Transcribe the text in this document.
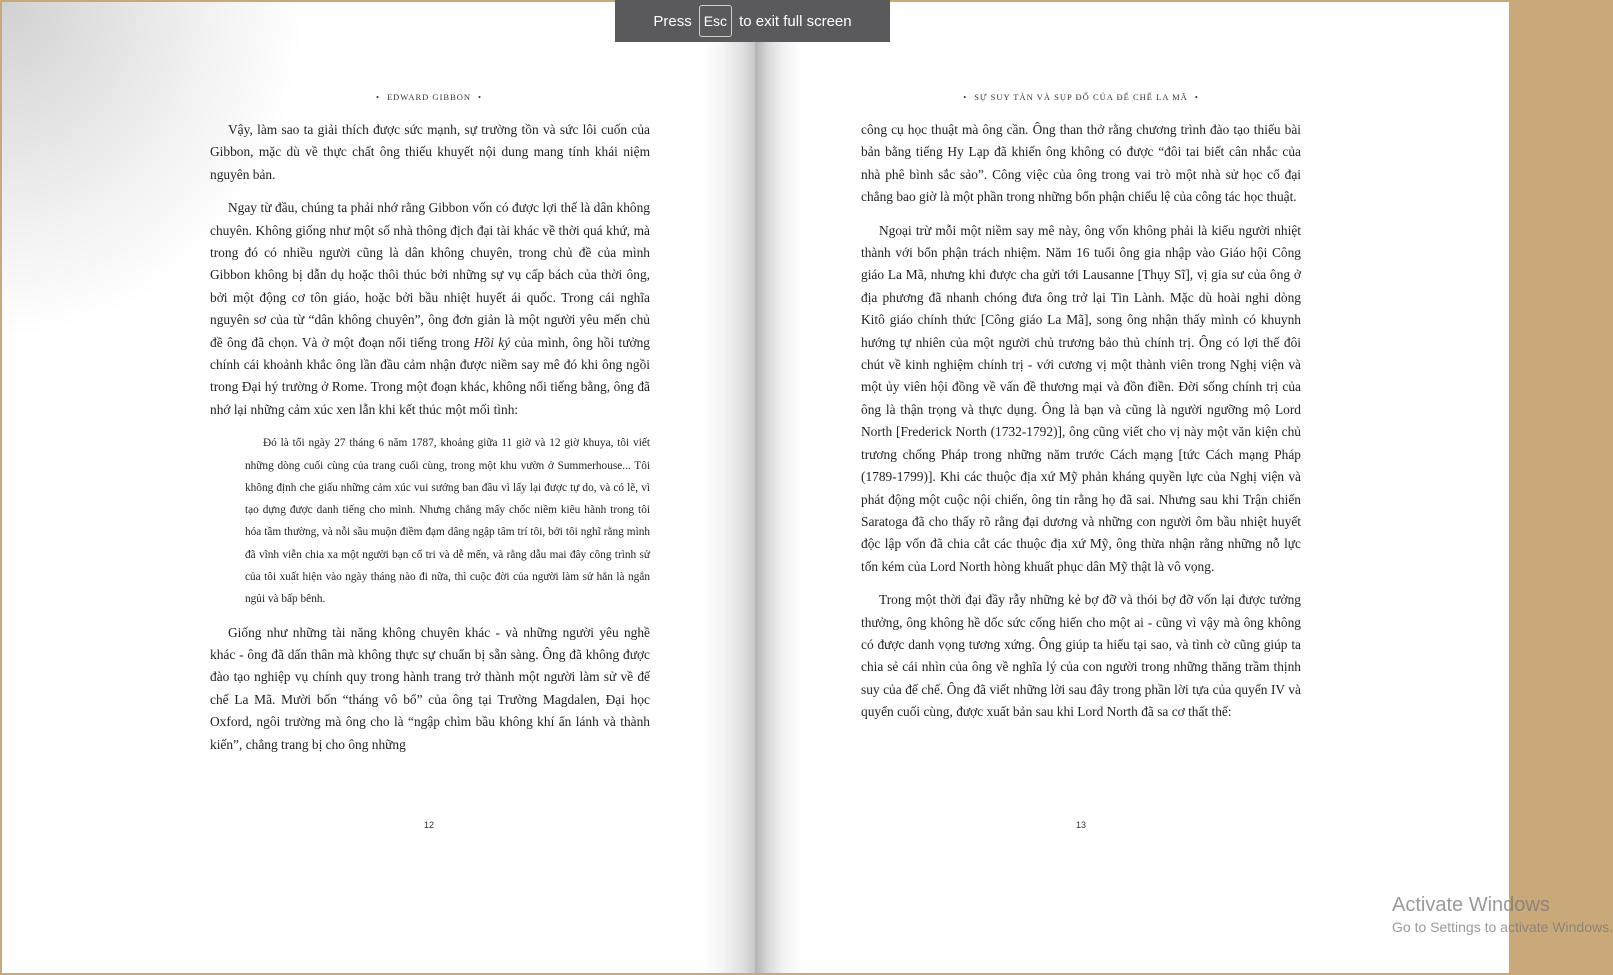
• EDWARD GIBBON •

Vậy, làm sao ta giải thích được sức mạnh, sự trường tồn và sức lôi cuốn của Gibbon, mặc dù về thực chất ông thiếu khuyết nội dung mang tính khái niệm nguyên bản.

Ngay từ đầu, chúng ta phải nhớ rằng Gibbon vốn có được lợi thế là dân không chuyên. Không giống như một số nhà thông địch đại tài khác về thời quá khứ, mà trong đó có nhiều người cũng là dân không chuyên, trong chủ đề của mình Gibbon không bị dẫn dụ hoặc thôi thúc bởi những sự vụ cấp bách của thời ông, bởi một động cơ tôn giáo, hoặc bởi bầu nhiệt huyết ái quốc. Trong cái nghĩa nguyên sơ của từ “dân không chuyên”, ông đơn giản là một người yêu mến chủ đề ông đã chọn. Và ở một đoạn nổi tiếng trong Hồi ký của mình, ông hồi tưởng chính cái khoảnh khắc ông lần đầu cảm nhận được niềm say mê đó khi ông ngồi trong Đại hý trường ở Rome. Trong một đoạn khác, không nổi tiếng bằng, ông đã nhớ lại những cảm xúc xen lẫn khi kết thúc một mối tình:

Đó là tối ngày 27 tháng 6 năm 1787, khoảng giữa 11 giờ và 12 giờ khuya, tôi viết những dòng cuối cùng của trang cuối cùng, trong một khu vườn ở Summerhouse... Tôi không định che giấu những cảm xúc vui sướng ban đầu vì lấy lại được tự do, và có lẽ, vì tạo dựng được danh tiếng cho mình. Nhưng chẳng mấy chốc niềm kiêu hãnh trong tôi hóa tầm thường, và nỗi sầu muộn điềm đạm dâng ngập tâm trí tôi, bởi tôi nghĩ rằng mình đã vĩnh viễn chia xa một người bạn cố tri và dễ mến, và rằng dẫu mai đây công trình sử của tôi xuất hiện vào ngày tháng nào đi nữa, thì cuộc đời của người làm sử hẳn là ngắn ngủi và bấp bênh.

Giống như những tài năng không chuyên khác - và những người yêu nghề khác - ông đã dấn thân mà không thực sự chuẩn bị sẵn sàng. Ông đã không được đào tạo nghiệp vụ chính quy trong hành trang trở thành một người làm sử về đế chế La Mã. Mười bốn “tháng vô bổ” của ông tại Trường Magdalen, Đại học Oxford, ngôi trường mà ông cho là “ngập chìm bầu không khí ẩn lánh và thành kiến”, chẳng trang bị cho ông những

12
• SỰ SUY TÀN VÀ SỤP ĐỔ CỦA ĐẾ CHẾ LA MÃ •

công cụ học thuật mà ông cần. Ông than thở rằng chương trình đào tạo thiếu bài bản bằng tiếng Hy Lạp đã khiến ông không có được “đôi tai biết cân nhắc của nhà phê bình sắc sảo”. Công việc của ông trong vai trò một nhà sử học cổ đại chẳng bao giờ là một phần trong những bổn phận chiếu lệ của công tác học thuật.

Ngoại trừ mỗi một niềm say mê này, ông vốn không phải là kiểu người nhiệt thành với bổn phận trách nhiệm. Năm 16 tuổi ông gia nhập vào Giáo hội Công giáo La Mã, nhưng khi được cha gửi tới Lausanne [Thụy Sĩ], vị gia sư của ông ở địa phương đã nhanh chóng đưa ông trở lại Tin Lành. Mặc dù hoài nghi dòng Kitô giáo chính thức [Công giáo La Mã], song ông nhận thấy mình có khuynh hướng tự nhiên của một người chủ trương bảo thủ chính trị. Ông có lợi thế đôi chút về kinh nghiệm chính trị - với cương vị một thành viên trong Nghị viện và một ủy viên hội đồng về vấn đề thương mại và đồn điền. Đời sống chính trị của ông là thận trọng và thực dụng. Ông là bạn và cũng là người ngưỡng mộ Lord North [Frederick North (1732-1792)], ông cũng viết cho vị này một văn kiện chủ trương chống Pháp trong những năm trước Cách mạng [tức Cách mạng Pháp (1789-1799)]. Khi các thuộc địa xứ Mỹ phản kháng quyền lực của Nghị viện và phát động một cuộc nội chiến, ông tin rằng họ đã sai. Nhưng sau khi Trận chiến Saratoga đã cho thấy rõ rằng đại dương và những con người ôm bầu nhiệt huyết độc lập vốn đã chia cắt các thuộc địa xứ Mỹ, ông thừa nhận rằng những nỗ lực tốn kém của Lord North hòng khuất phục dân Mỹ thật là vô vọng.

Trong một thời đại đầy rẫy những kẻ bợ đỡ và thói bợ đỡ vốn lại được tưởng thưởng, ông không hề dốc sức cống hiến cho một ai - cũng vì vậy mà ông không có được danh vọng tương xứng. Ông giúp ta hiểu tại sao, và tình cờ cũng giúp ta chia sẻ cái nhìn của ông về nghĩa lý của con người trong những thăng trầm thịnh suy của đế chế. Ông đã viết những lời sau đây trong phần lời tựa của quyển IV và quyển cuối cùng, được xuất bản sau khi Lord North đã sa cơ thất thế:

13
Press Esc to exit full screen
Activate Windows
Go to Settings to activate Windows.
